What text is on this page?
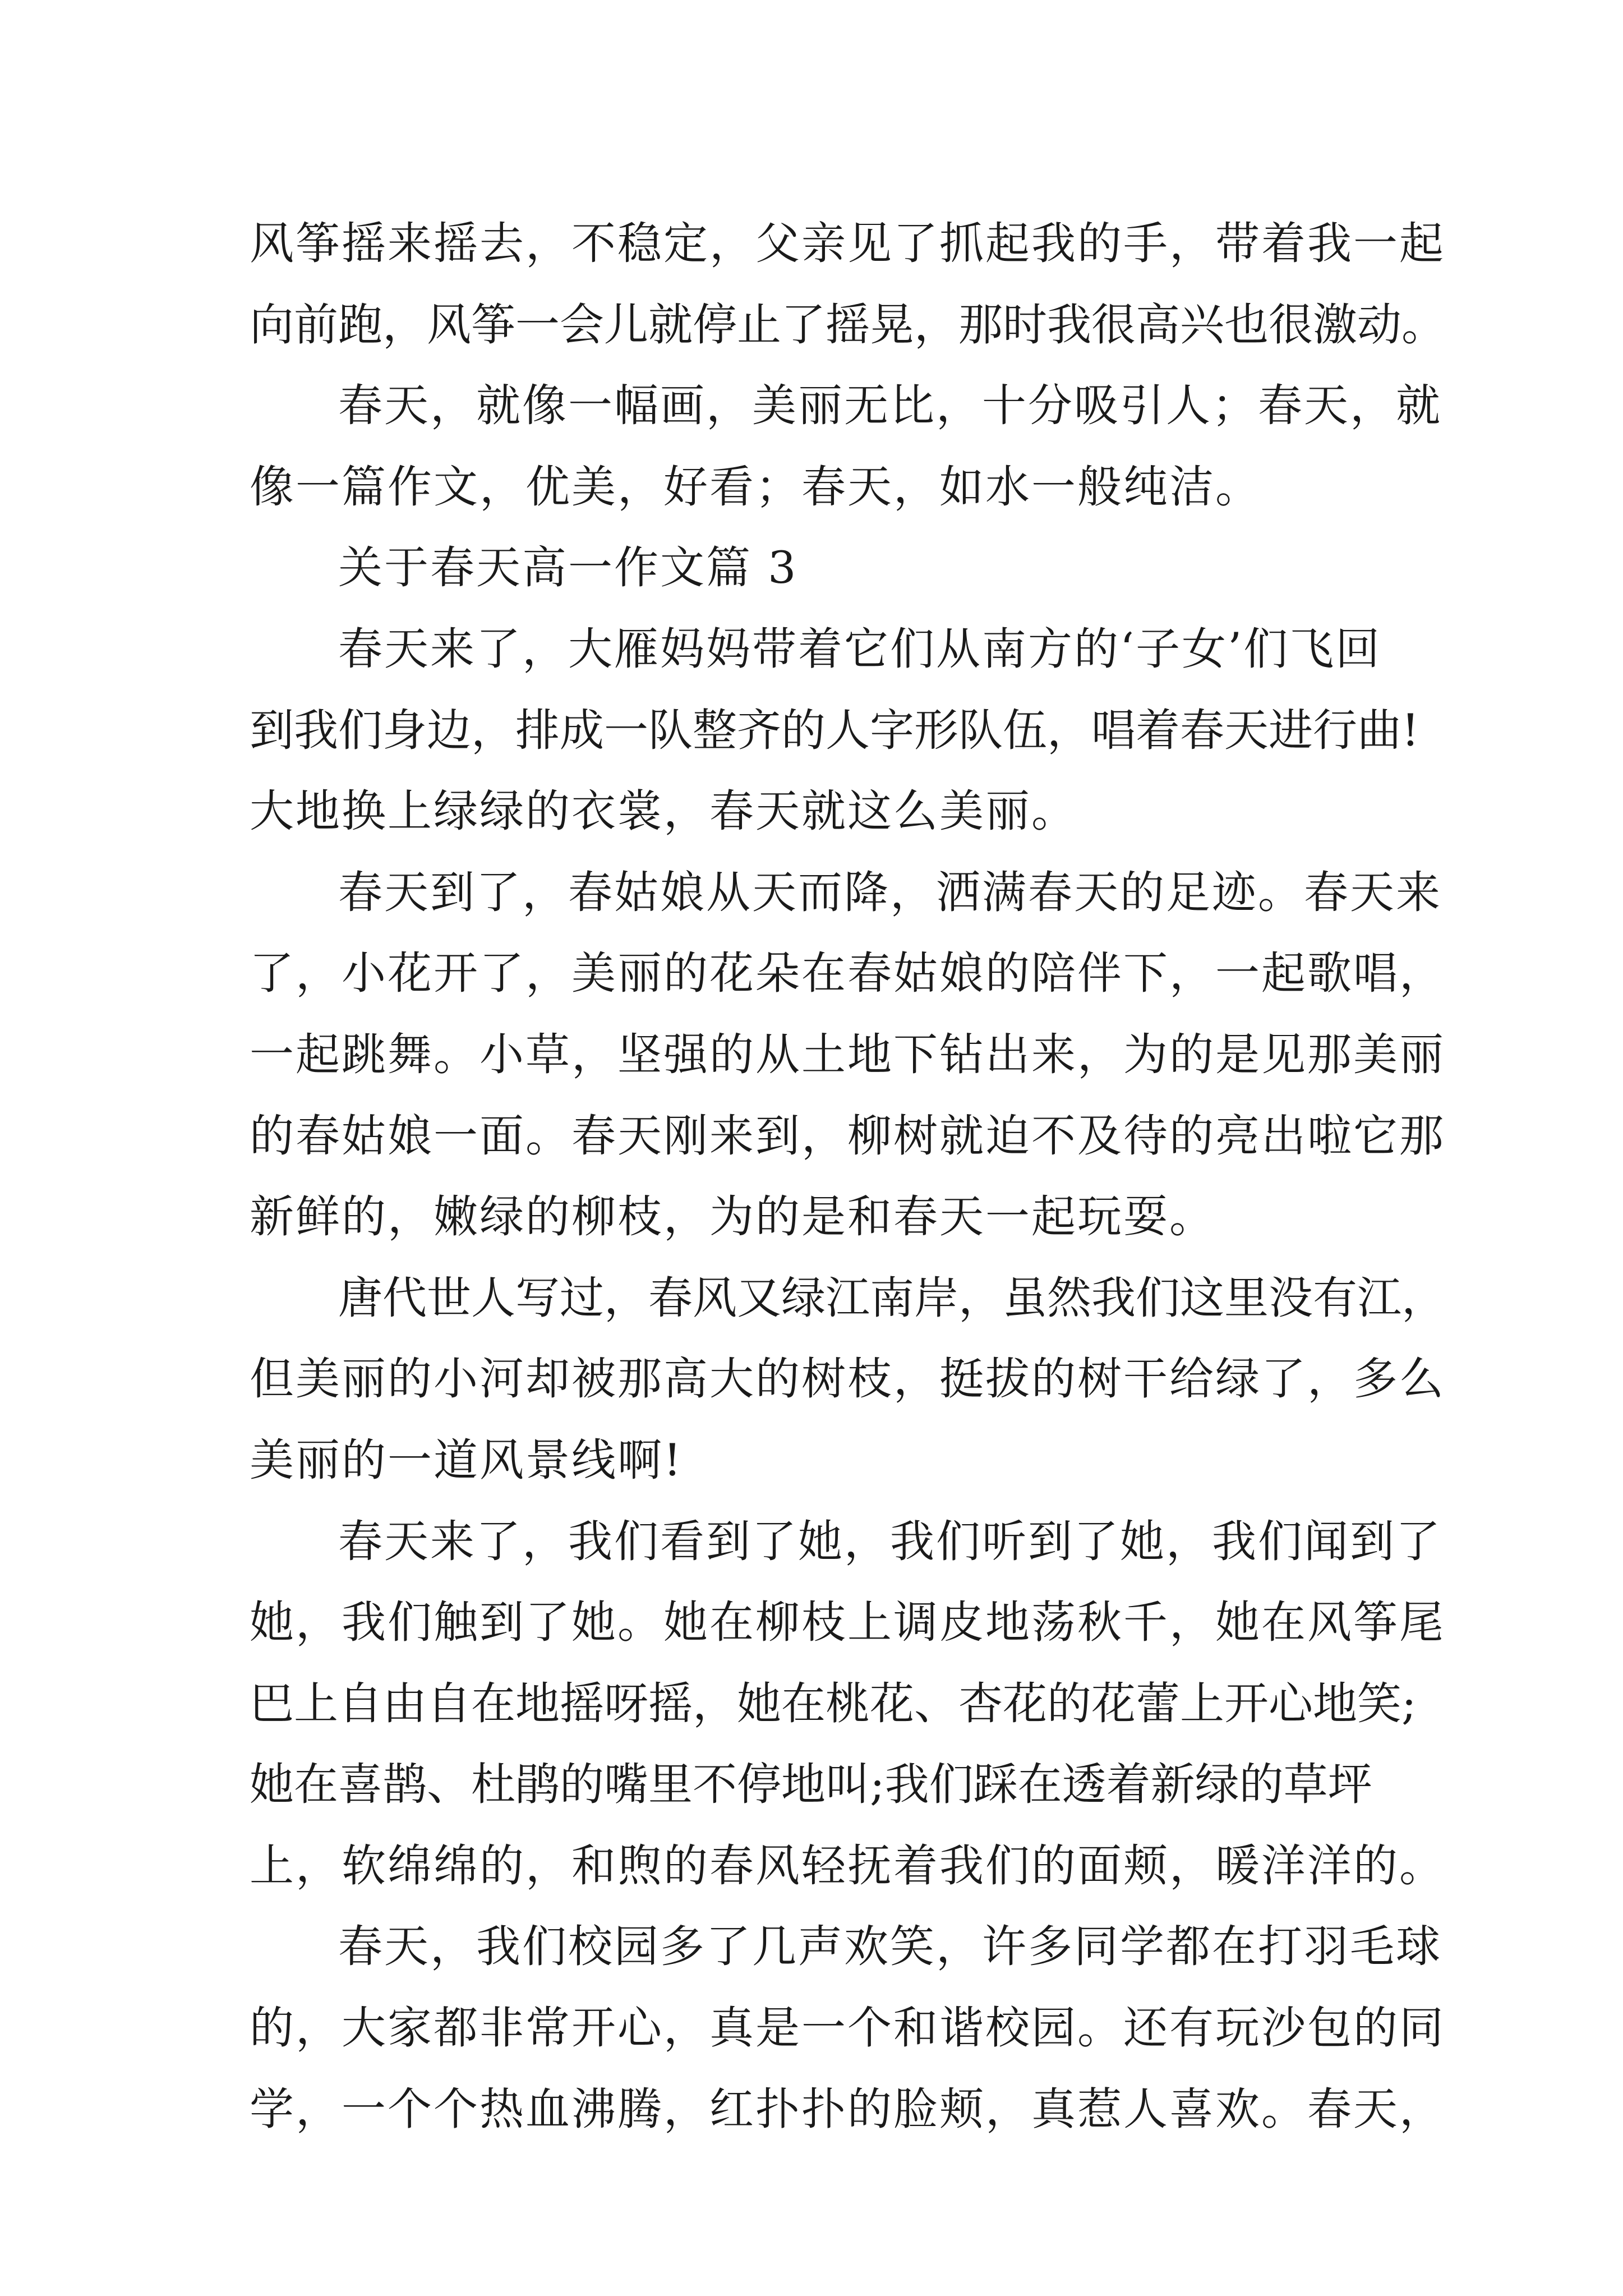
风筝摇来摇去，不稳定，父亲见了抓起我的手，带着我一起
向前跑，风筝一会儿就停止了摇晃，那时我很高兴也很激动。
春天，就像一幅画，美丽无比，十分吸引人；春天，就
像一篇作文，优美，好看；春天，如水一般纯洁。
关于春天高一作文篇 3
春天来了，大雁妈妈带着它们从南方的‘子女’们飞回
到我们身边，排成一队整齐的人字形队伍，唱着春天进行曲!
大地换上绿绿的衣裳，春天就这么美丽。
春天到了，春姑娘从天而降，洒满春天的足迹。春天来
了，小花开了，美丽的花朵在春姑娘的陪伴下，一起歌唱，
一起跳舞。小草，坚强的从土地下钻出来，为的是见那美丽
的春姑娘一面。春天刚来到，柳树就迫不及待的亮出啦它那
新鲜的，嫩绿的柳枝，为的是和春天一起玩耍。
唐代世人写过，春风又绿江南岸，虽然我们这里没有江，
但美丽的小河却被那高大的树枝，挺拔的树干给绿了，多么
美丽的一道风景线啊!
春天来了，我们看到了她，我们听到了她，我们闻到了
她，我们触到了她。她在柳枝上调皮地荡秋千，她在风筝尾
巴上自由自在地摇呀摇，她在桃花、杏花的花蕾上开心地笑;
她在喜鹊、杜鹃的嘴里不停地叫;我们踩在透着新绿的草坪
上，软绵绵的，和煦的春风轻抚着我们的面颊，暖洋洋的。
春天，我们校园多了几声欢笑，许多同学都在打羽毛球
的，大家都非常开心，真是一个和谐校园。还有玩沙包的同
学，一个个热血沸腾，红扑扑的脸颊，真惹人喜欢。春天，
